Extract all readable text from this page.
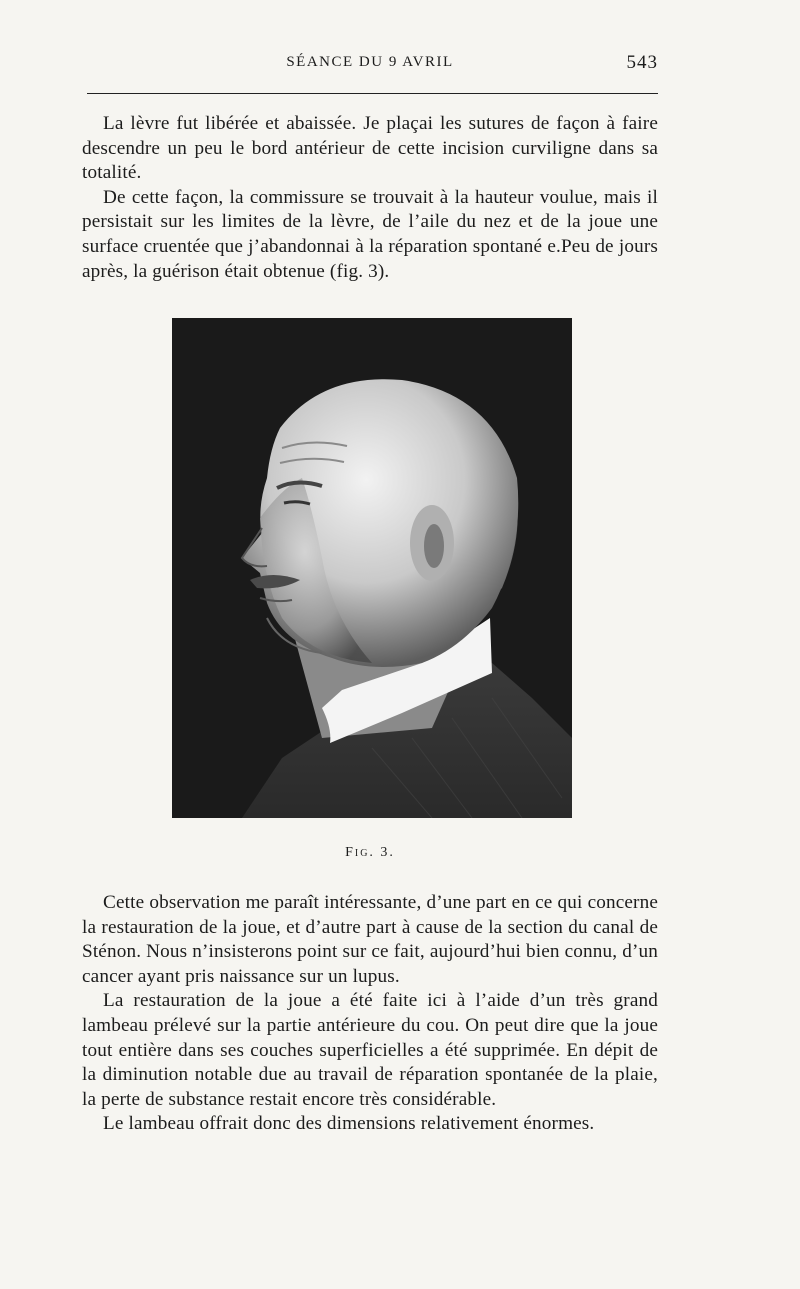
SÉANCE DU 9 AVRIL	543

La lèvre fut libérée et abaissée. Je plaçai les sutures de façon à faire descendre un peu le bord antérieur de cette incision curviligne dans sa totalité.

De cette façon, la commissure se trouvait à la hauteur voulue, mais il persistait sur les limites de la lèvre, de l’aile du nez et de la joue une surface cruentée que j’abandonnai à la réparation spontané e.Peu de jours après, la guérison était obtenue (fig. 3).

Fig. 3.

Cette observation me paraît intéressante, d’une part en ce qui concerne la restauration de la joue, et d’autre part à cause de la section du canal de Sténon. Nous n’insisterons point sur ce fait, aujourd’hui bien connu, d’un cancer ayant pris naissance sur un lupus.

La restauration de la joue a été faite ici à l’aide d’un très grand lambeau prélevé sur la partie antérieure du cou. On peut dire que la joue tout entière dans ses couches superficielles a été supprimée. En dépit de la diminution notable due au travail de réparation spontanée de la plaie, la perte de substance restait encore très considérable.

Le lambeau offrait donc des dimensions relativement énormes.
